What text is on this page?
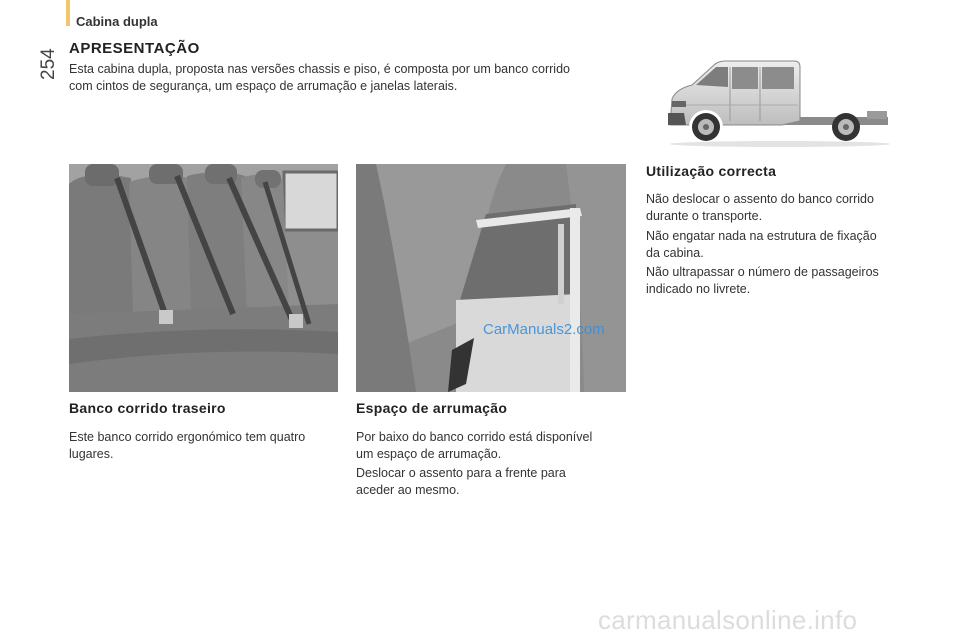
Cabina dupla
254 APRESENTAÇÃO
Esta cabina dupla, proposta nas versões chassis e piso, é composta por um banco corrido
com cintos de segurança, um espaço de arrumação e janelas laterais.
CarManuals2.com
Utilização correcta
Não deslocar o assento do banco corrido
durante o transporte.
Não engatar nada na estrutura de fixação
da cabina.
Não ultrapassar o número de passageiros
indicado no livrete.
Banco corrido traseiro
Este banco corrido ergonómico tem quatro
lugares.
Espaço de arrumação
Por baixo do banco corrido está disponível
um espaço de arrumação.
Deslocar o assento para a frente para
aceder ao mesmo.
carmanualsonline.info
